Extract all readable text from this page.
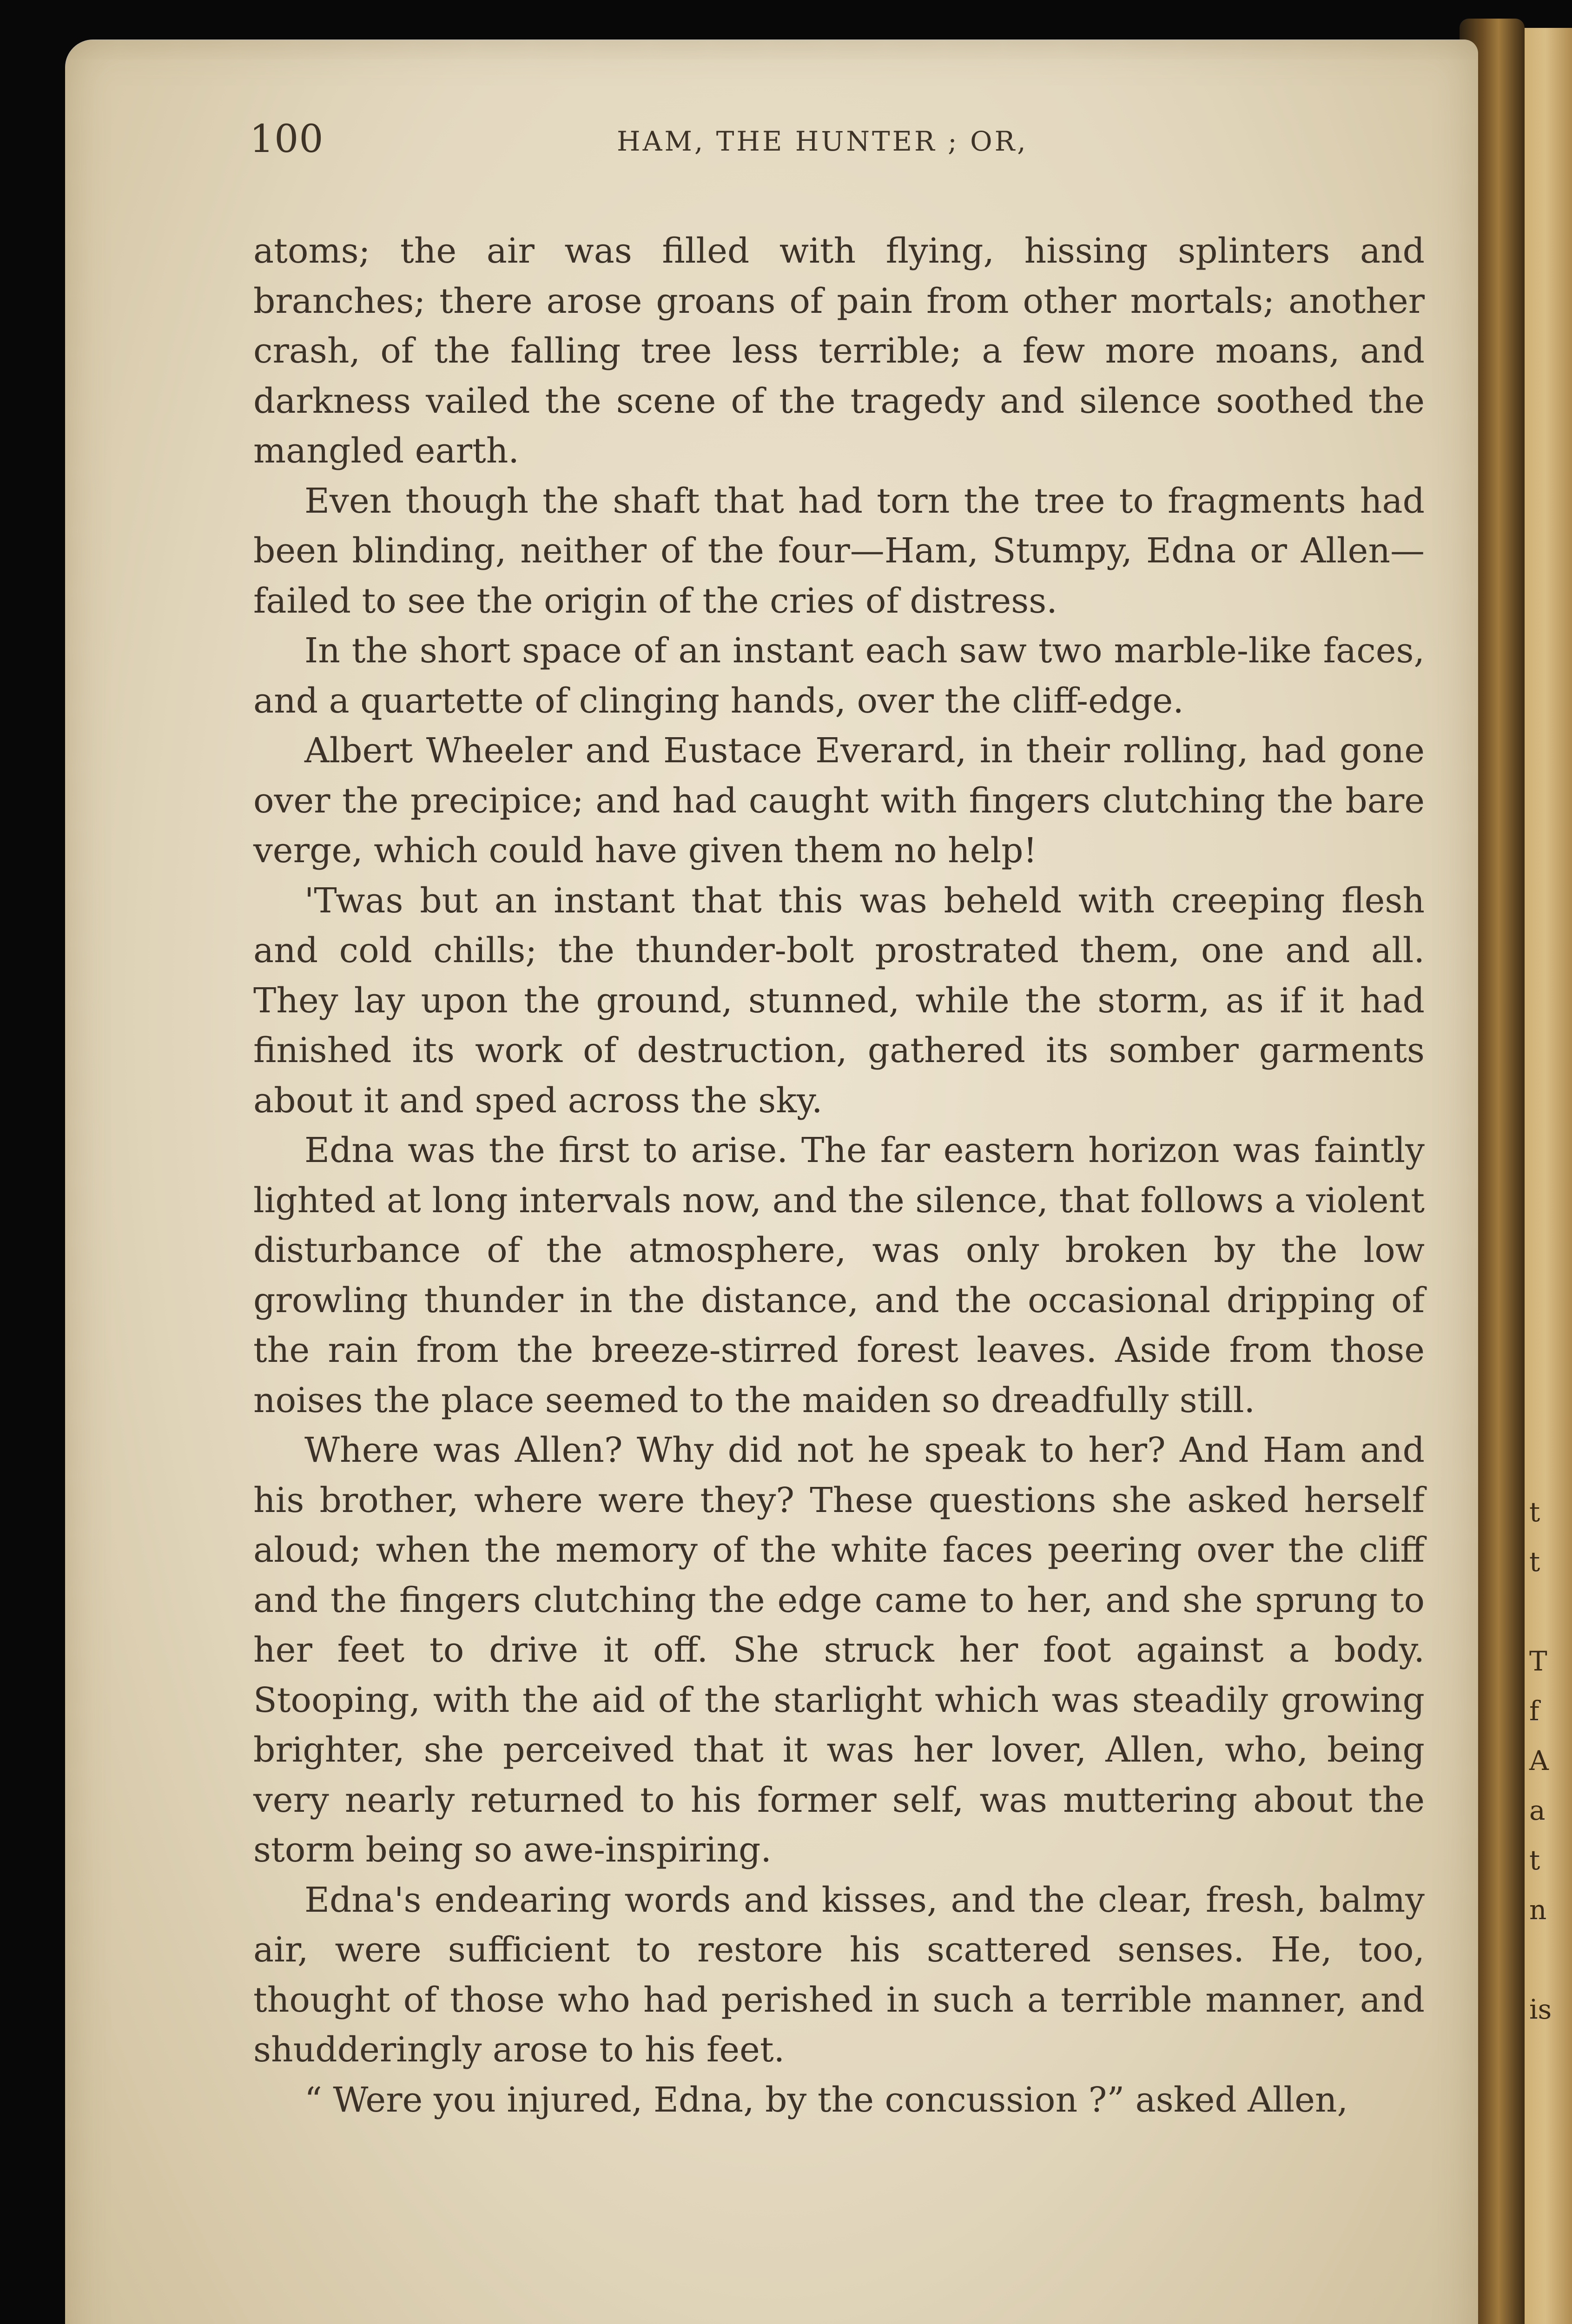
t
t
T
f
A
a
t
n
is
100	HAM, THE HUNTER ; OR,

atoms; the air was filled with flying, hissing splinters and branches; there arose groans of pain from other mortals; another crash, of the falling tree less terrible; a few more moans, and darkness vailed the scene of the tragedy and silence soothed the mangled earth.

Even though the shaft that had torn the tree to fragments had been blinding, neither of the four—Ham, Stumpy, Edna or Allen—failed to see the origin of the cries of distress.

In the short space of an instant each saw two marble-like faces, and a quartette of clinging hands, over the cliff-edge.

Albert Wheeler and Eustace Everard, in their rolling, had gone over the precipice; and had caught with fingers clutching the bare verge, which could have given them no help!

'Twas but an instant that this was beheld with creeping flesh and cold chills; the thunder-bolt prostrated them, one and all. They lay upon the ground, stunned, while the storm, as if it had finished its work of destruction, gathered its somber garments about it and sped across the sky.

Edna was the first to arise. The far eastern horizon was faintly lighted at long intervals now, and the silence, that follows a violent disturbance of the atmosphere, was only broken by the low growling thunder in the distance, and the occasional dripping of the rain from the breeze-stirred forest leaves. Aside from those noises the place seemed to the maiden so dreadfully still.

Where was Allen? Why did not he speak to her? And Ham and his brother, where were they? These questions she asked herself aloud; when the memory of the white faces peering over the cliff and the fingers clutching the edge came to her, and she sprung to her feet to drive it off. She struck her foot against a body. Stooping, with the aid of the starlight which was steadily growing brighter, she perceived that it was her lover, Allen, who, being very nearly returned to his former self, was muttering about the storm being so awe-inspiring.

Edna's endearing words and kisses, and the clear, fresh, balmy air, were sufficient to restore his scattered senses. He, too, thought of those who had perished in such a terrible manner, and shudderingly arose to his feet.

“ Were you injured, Edna, by the concussion ?” asked Allen,
